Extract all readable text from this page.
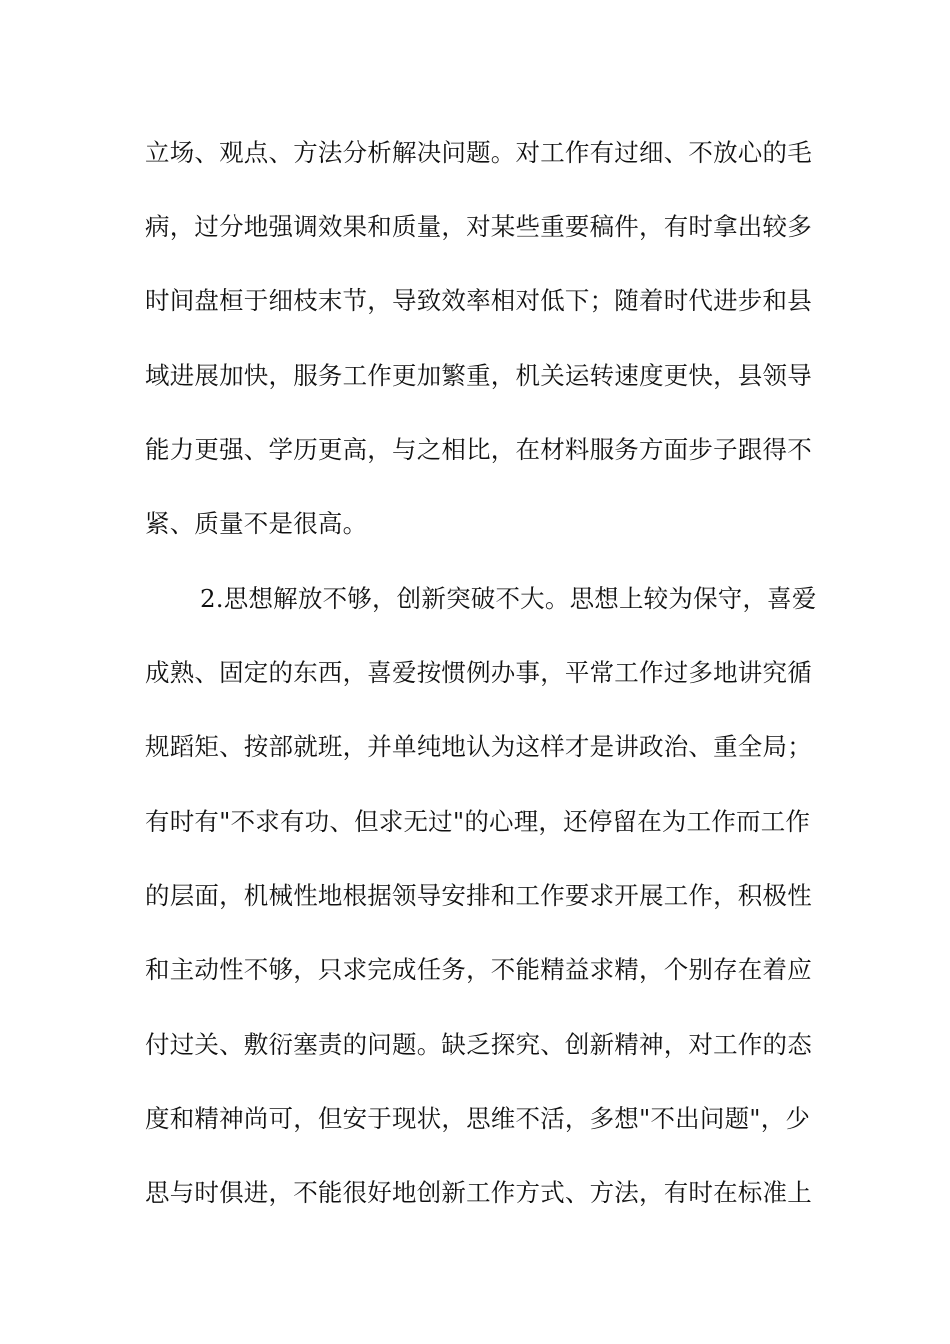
立场、观点、方法分析解决问题。对工作有过细、不放心的毛
病，过分地强调效果和质量，对某些重要稿件，有时拿出较多
时间盘桓于细枝末节，导致效率相对低下；随着时代进步和县
域进展加快，服务工作更加繁重，机关运转速度更快，县领导
能力更强、学历更高，与之相比，在材料服务方面步子跟得不
紧、质量不是很高。
2.思想解放不够，创新突破不大。思想上较为保守，喜爱
成熟、固定的东西，喜爱按惯例办事，平常工作过多地讲究循
规蹈矩、按部就班，并单纯地认为这样才是讲政治、重全局；
有时有"不求有功、但求无过"的心理，还停留在为工作而工作
的层面，机械性地根据领导安排和工作要求开展工作，积极性
和主动性不够，只求完成任务，不能精益求精，个别存在着应
付过关、敷衍塞责的问题。缺乏探究、创新精神，对工作的态
度和精神尚可，但安于现状，思维不活，多想"不出问题"，少
思与时俱进，不能很好地创新工作方式、方法，有时在标准上
